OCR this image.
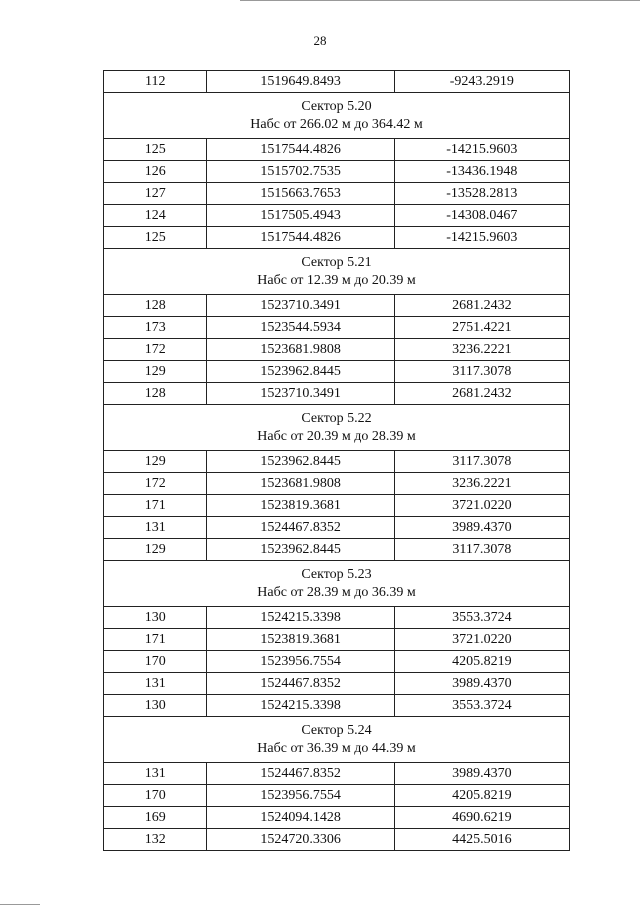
28
112	1519649.8493	-9243.2919

Сектор 5.20
Набс от 266.02 м до 364.42 м		

125	1517544.4826	-14215.9603
126	1515702.7535	-13436.1948
127	1515663.7653	-13528.2813
124	1517505.4943	-14308.0467
125	1517544.4826	-14215.9603

Сектор 5.21
Набс от 12.39 м до 20.39 м		

128	1523710.3491	2681.2432
173	1523544.5934	2751.4221
172	1523681.9808	3236.2221
129	1523962.8445	3117.3078
128	1523710.3491	2681.2432

Сектор 5.22
Набс от 20.39 м до 28.39 м		

129	1523962.8445	3117.3078
172	1523681.9808	3236.2221
171	1523819.3681	3721.0220
131	1524467.8352	3989.4370
129	1523962.8445	3117.3078

Сектор 5.23
Набс от 28.39 м до 36.39 м		

130	1524215.3398	3553.3724
171	1523819.3681	3721.0220
170	1523956.7554	4205.8219
131	1524467.8352	3989.4370
130	1524215.3398	3553.3724

Сектор 5.24
Набс от 36.39 м до 44.39 м		

131	1524467.8352	3989.4370
170	1523956.7554	4205.8219
169	1524094.1428	4690.6219
132	1524720.3306	4425.5016
